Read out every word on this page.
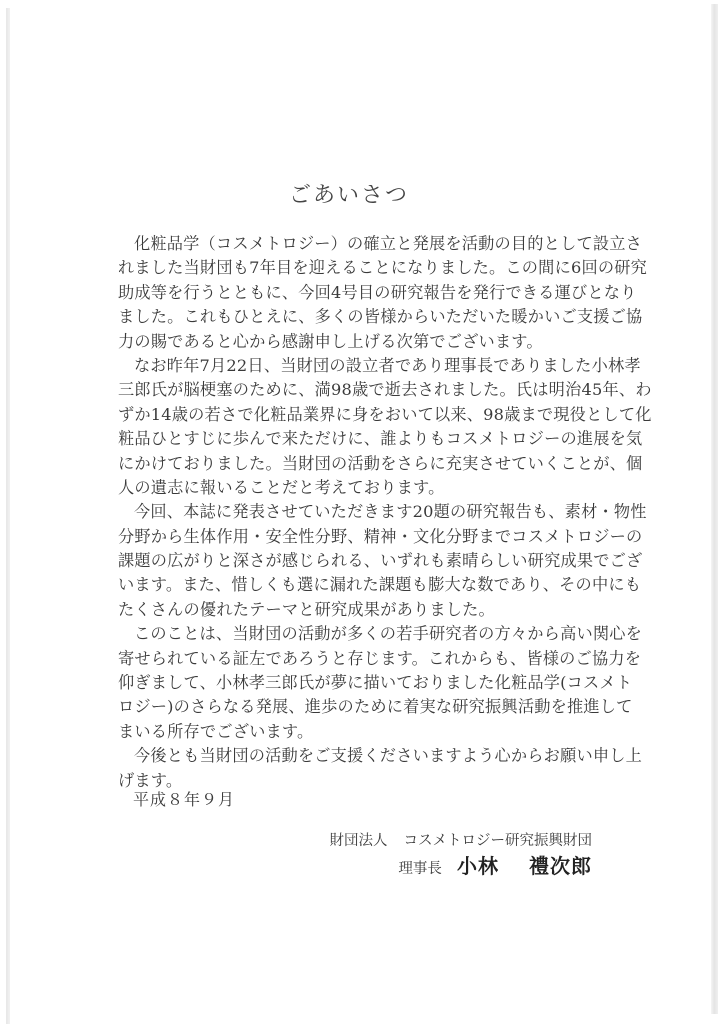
ごあいさつ
化粧品学（コスメトロジー）の確立と発展を活動の目的として設立さ
れました当財団も7年目を迎えることになりました。この間に6回の研究
助成等を行うとともに、今回4号目の研究報告を発行できる運びとなり
ました。これもひとえに、多くの皆様からいただいた暖かいご支援ご協
力の賜であると心から感謝申し上げる次第でございます。
なお昨年7月22日、当財団の設立者であり理事長でありました小林孝
三郎氏が脳梗塞のために、満98歳で逝去されました。氏は明治45年、わ
ずか14歳の若さで化粧品業界に身をおいて以来、98歳まで現役として化
粧品ひとすじに歩んで来ただけに、誰よりもコスメトロジーの進展を気
にかけておりました。当財団の活動をさらに充実させていくことが、個
人の遺志に報いることだと考えております。
今回、本誌に発表させていただきます20題の研究報告も、素材・物性
分野から生体作用・安全性分野、精神・文化分野までコスメトロジーの
課題の広がりと深さが感じられる、いずれも素晴らしい研究成果でござ
います。また、惜しくも選に漏れた課題も膨大な数であり、その中にも
たくさんの優れたテーマと研究成果がありました。
このことは、当財団の活動が多くの若手研究者の方々から高い関心を
寄せられている証左であろうと存じます。これからも、皆様のご協力を
仰ぎまして、小林孝三郎氏が夢に描いておりました化粧品学(コスメト
ロジー)のさらなる発展、進歩のために着実な研究振興活動を推進して
まいる所存でございます。
今後とも当財団の活動をご支援くださいますよう心からお願い申し上
げます。
平成８年９月
財団法人 コスメトロジー研究振興財団
理事長 小林 禮次郎
